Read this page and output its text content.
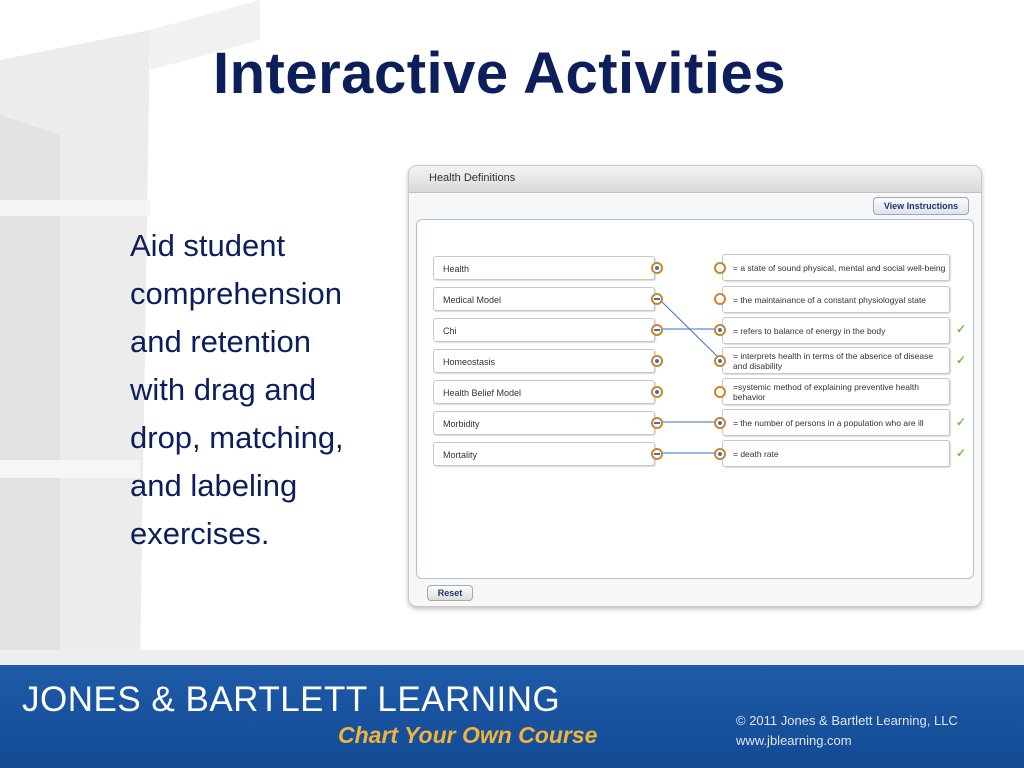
Interactive Activities
Aid student
comprehension
and retention
with drag and
drop, matching,
and labeling
exercises.
Health Definitions
View Instructions
Health
Medical Model
Chi
Homeostasis
Health Belief Model
Morbidity
Mortality
= a state of sound physical, mental and social well-being
= the maintainance of a constant physiologyal state
= refers to balance of energy in the body
= interprets health in terms of the absence of disease and disability
=systemic method of explaining preventive health behavior
= the number of persons in a population who are ill
= death rate
✓
✓
✓
✓
Reset
JONES & BARTLETT LEARNING
Chart Your Own Course
© 2011 Jones & Bartlett Learning, LLC
www.jblearning.com
